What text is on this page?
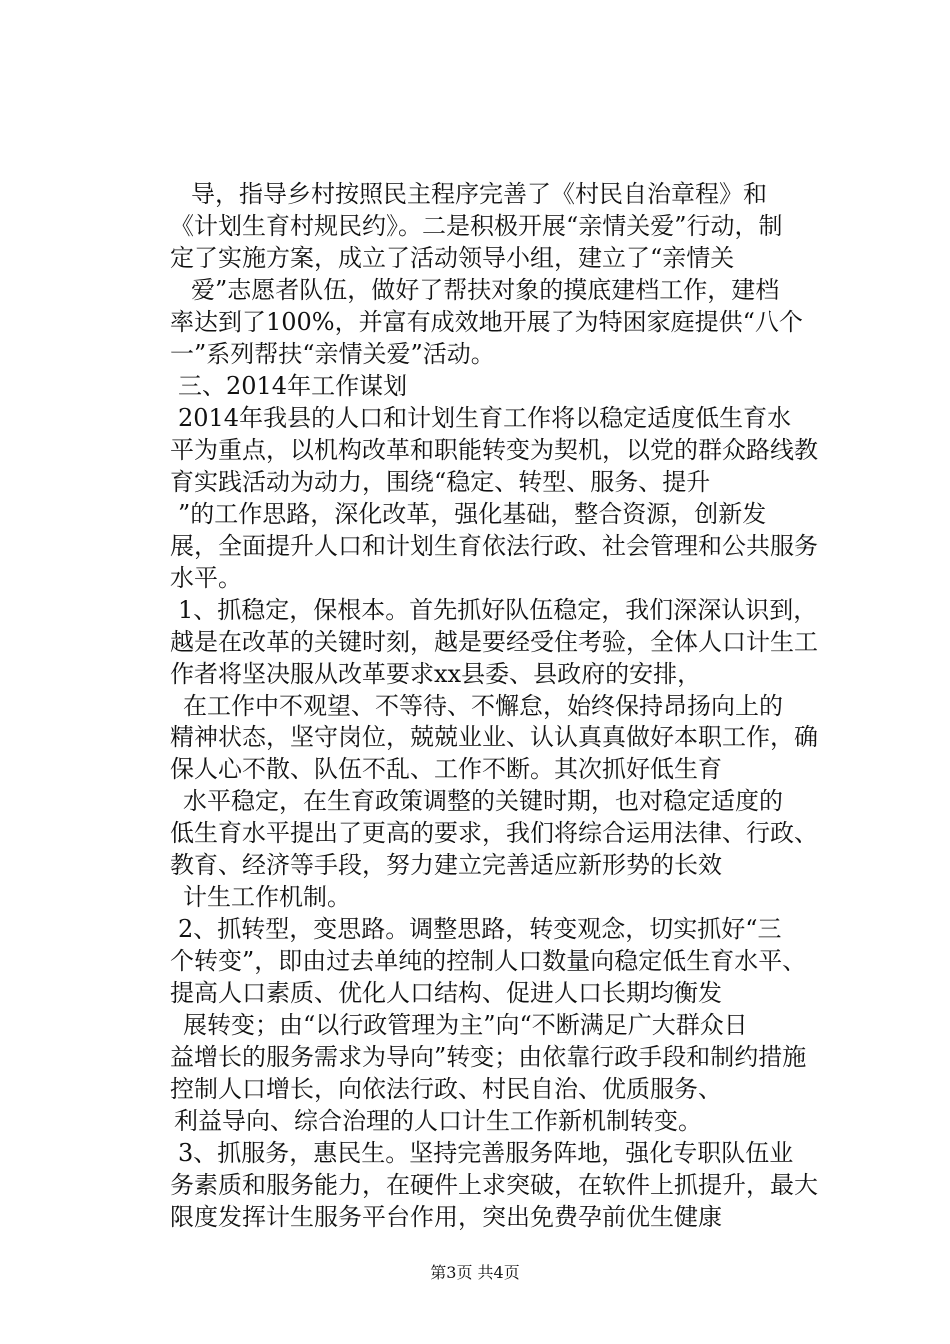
导，指导乡村按照民主程序完善了《村民自治章程》和
《计划生育村规民约》。二是积极开展“亲情关爱”行动，制
定了实施方案，成立了活动领导小组，建立了“亲情关
爱”志愿者队伍，做好了帮扶对象的摸底建档工作，建档
率达到了100%，并富有成效地开展了为特困家庭提供“八个
一”系列帮扶“亲情关爱”活动。
三、2014年工作谋划
2014年我县的人口和计划生育工作将以稳定适度低生育水
平为重点，以机构改革和职能转变为契机，以党的群众路线教
育实践活动为动力，围绕“稳定、转型、服务、提升
”的工作思路，深化改革，强化基础，整合资源，创新发
展，全面提升人口和计划生育依法行政、社会管理和公共服务
水平。
1、抓稳定，保根本。首先抓好队伍稳定，我们深深认识到，
越是在改革的关键时刻，越是要经受住考验，全体人口计生工
作者将坚决服从改革要求xx县委、县政府的安排，
在工作中不观望、不等待、不懈怠，始终保持昂扬向上的
精神状态，坚守岗位，兢兢业业、认认真真做好本职工作，确
保人心不散、队伍不乱、工作不断。其次抓好低生育
水平稳定，在生育政策调整的关键时期，也对稳定适度的
低生育水平提出了更高的要求，我们将综合运用法律、行政、
教育、经济等手段，努力建立完善适应新形势的长效
计生工作机制。
2、抓转型，变思路。调整思路，转变观念，切实抓好“三
个转变”，即由过去单纯的控制人口数量向稳定低生育水平、
提高人口素质、优化人口结构、促进人口长期均衡发
展转变；由“以行政管理为主”向“不断满足广大群众日
益增长的服务需求为导向”转变；由依靠行政手段和制约措施
控制人口增长，向依法行政、村民自治、优质服务、
利益导向、综合治理的人口计生工作新机制转变。
3、抓服务，惠民生。坚持完善服务阵地，强化专职队伍业
务素质和服务能力，在硬件上求突破，在软件上抓提升，最大
限度发挥计生服务平台作用，突出免费孕前优生健康
第3页 共4页
